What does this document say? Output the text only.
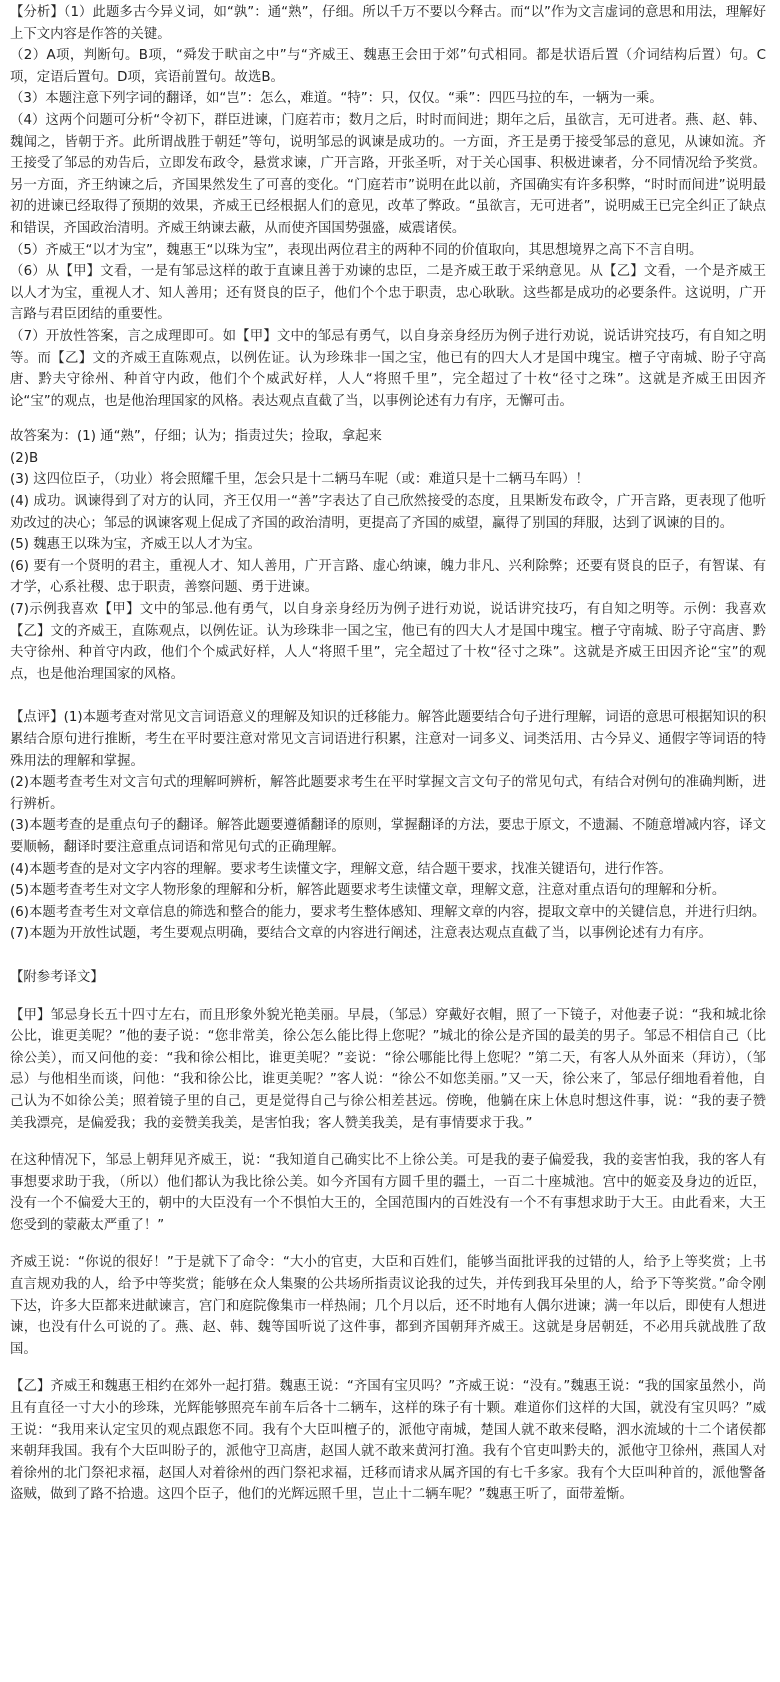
【分析】（1）此题多古今异义词，如“孰”：通“熟”，仔细。所以千万不要以今释古。而“以”作为文言虚词的意思和用法，理解好上下文内容是作答的关键。

（2）A项，判断句。B项，“舜发于畎亩之中”与“齐威王、魏惠王会田于郊”句式相同。都是状语后置（介词结构后置）句。C项，定语后置句。D项，宾语前置句。故选B。

（3）本题注意下列字词的翻译，如“岂”：怎么，难道。“特”：只，仅仅。“乘”：四匹马拉的车，一辆为一乘。

（4）这两个问题可分析“令初下，群臣进谏，门庭若市；数月之后，时时而间进；期年之后，虽欲言，无可进者。燕、赵、韩、魏闻之，皆朝于齐。此所谓战胜于朝廷”等句，说明邹忌的讽谏是成功的。一方面，齐王是勇于接受邹忌的意见，从谏如流。齐王接受了邹忌的劝告后，立即发布政令，悬赏求谏，广开言路，开张圣听，对于关心国事、积极进谏者，分不同情况给予奖赏。另一方面，齐王纳谏之后，齐国果然发生了可喜的变化。“门庭若市”说明在此以前，齐国确实有许多积弊，“时时而间进”说明最初的进谏已经取得了预期的效果，齐威王已经根据人们的意见，改革了弊政。“虽欲言，无可进者”，说明威王已完全纠正了缺点和错误，齐国政治清明。齐威王纳谏去蔽，从而使齐国国势强盛，威震诸侯。

（5）齐威王“以才为宝”，魏惠王“以珠为宝”，表现出两位君主的两种不同的价值取向，其思想境界之高下不言自明。

（6）从【甲】文看，一是有邹忌这样的敢于直谏且善于劝谏的忠臣，二是齐威王敢于采纳意见。从【乙】文看，一个是齐威王以人才为宝，重视人才、知人善用；还有贤良的臣子，他们个个忠于职责，忠心耿耿。这些都是成功的必要条件。这说明，广开言路与君臣团结的重要性。

（7）开放性答案，言之成理即可。如【甲】文中的邹忌有勇气，以自身亲身经历为例子进行劝说，说话讲究技巧，有自知之明等。而【乙】文的齐威王直陈观点，以例佐证。认为珍珠非一国之宝，他已有的四大人才是国中瑰宝。檀子守南城、盼子守高唐、黔夫守徐州、种首守内政，他们个个威武好样，人人“将照千里”，完全超过了十枚“径寸之珠”。这就是齐威王田因齐论“宝”的观点，也是他治理国家的风格。表达观点直截了当，以事例论述有力有序，无懈可击。

故答案为：(1) 通“熟”，仔细；认为；指责过失；捡取，拿起来

(2)B

(3) 这四位臣子，（功业）将会照耀千里，怎会只是十二辆马车呢（或：难道只是十二辆马车吗）！

(4) 成功。讽谏得到了对方的认同，齐王仅用一“善”字表达了自己欣然接受的态度，且果断发布政令，广开言路，更表现了他听劝改过的决心；邹忌的讽谏客观上促成了齐国的政治清明，更提高了齐国的威望，赢得了别国的拜服，达到了讽谏的目的。

(5) 魏惠王以珠为宝，齐威王以人才为宝。

(6) 要有一个贤明的君主，重视人才、知人善用，广开言路、虚心纳谏，魄力非凡、兴利除弊；还要有贤良的臣子，有智谋、有才学，心系社稷、忠于职责，善察问题、勇于进谏。

(7)示例我喜欢【甲】文中的邹忌.他有勇气，以自身亲身经历为例子进行劝说，说话讲究技巧，有自知之明等。示例：我喜欢【乙】文的齐威王，直陈观点，以例佐证。认为珍珠非一国之宝，他已有的四大人才是国中瑰宝。檀子守南城、盼子守高唐、黔夫守徐州、种首守内政，他们个个威武好样，人人“将照千里”，完全超过了十枚“径寸之珠”。这就是齐威王田因齐论“宝”的观点，也是他治理国家的风格。

【点评】(1)本题考查对常见文言词语意义的理解及知识的迁移能力。解答此题要结合句子进行理解，词语的意思可根据知识的积累结合原句进行推断，考生在平时要注意对常见文言词语进行积累，注意对一词多义、词类活用、古今异义、通假字等词语的特殊用法的理解和掌握。

(2)本题考查考生对文言句式的理解呵辨析，解答此题要求考生在平时掌握文言文句子的常见句式，有结合对例句的准确判断，进行辨析。

(3)本题考查的是重点句子的翻译。解答此题要遵循翻译的原则，掌握翻译的方法，要忠于原文，不遗漏、不随意增减内容，译文要顺畅，翻译时要注意重点词语和常见句式的正确理解。

(4)本题考查的是对文字内容的理解。要求考生读懂文字，理解文意，结合题干要求，找准关键语句，进行作答。

(5)本题考查考生对文字人物形象的理解和分析，解答此题要求考生读懂文章，理解文意，注意对重点语句的理解和分析。

(6)本题考查考生对文章信息的筛选和整合的能力，要求考生整体感知、理解文章的内容，提取文章中的关键信息，并进行归纳。

(7)本题为开放性试题，考生要观点明确，要结合文章的内容进行阐述，注意表达观点直截了当，以事例论述有力有序。

【附参考译文】

【甲】邹忌身长五十四寸左右，而且形象外貌光艳美丽。早晨，（邹忌）穿戴好衣帽，照了一下镜子，对他妻子说：“我和城北徐公比，谁更美呢？”他的妻子说：“您非常美，徐公怎么能比得上您呢？”城北的徐公是齐国的最美的男子。邹忌不相信自己（比徐公美），而又问他的妾：“我和徐公相比，谁更美呢？”妾说：“徐公哪能比得上您呢？”第二天，有客人从外面来（拜访），（邹忌）与他相坐而谈，问他：“我和徐公比，谁更美呢？”客人说：“徐公不如您美丽。”又一天，徐公来了，邹忌仔细地看着他，自己认为不如徐公美；照着镜子里的自己，更是觉得自己与徐公相差甚远。傍晚，他躺在床上休息时想这件事，说：“我的妻子赞美我漂亮，是偏爱我；我的妾赞美我美，是害怕我；客人赞美我美，是有事情要求于我。”

在这种情况下，邹忌上朝拜见齐威王，说：“我知道自己确实比不上徐公美。可是我的妻子偏爱我，我的妾害怕我，我的客人有事想要求助于我，（所以）他们都认为我比徐公美。如今齐国有方圆千里的疆土，一百二十座城池。宫中的姬妾及身边的近臣，没有一个不偏爱大王的，朝中的大臣没有一个不惧怕大王的，全国范围内的百姓没有一个不有事想求助于大王。由此看来，大王您受到的蒙蔽太严重了！”

齐威王说：“你说的很好！”于是就下了命令：“大小的官吏，大臣和百姓们，能够当面批评我的过错的人，给予上等奖赏；上书直言规劝我的人，给予中等奖赏；能够在众人集聚的公共场所指责议论我的过失，并传到我耳朵里的人，给予下等奖赏。”命令刚下达，许多大臣都来进献谏言，宫门和庭院像集市一样热闹；几个月以后，还不时地有人偶尔进谏；满一年以后，即使有人想进谏，也没有什么可说的了。燕、赵、韩、魏等国听说了这件事，都到齐国朝拜齐威王。这就是身居朝廷，不必用兵就战胜了敌国。

【乙】齐威王和魏惠王相约在郊外一起打猎。魏惠王说：“齐国有宝贝吗？”齐威王说：“没有。”魏惠王说：“我的国家虽然小，尚且有直径一寸大小的珍珠，光辉能够照亮车前车后各十二辆车，这样的珠子有十颗。难道你们这样的大国，就没有宝贝吗？”威王说：“我用来认定宝贝的观点跟您不同。我有个大臣叫檀子的，派他守南城，楚国人就不敢来侵略，泗水流域的十二个诸侯都来朝拜我国。我有个大臣叫盼子的，派他守卫高唐，赵国人就不敢来黄河打渔。我有个官吏叫黔夫的，派他守卫徐州，燕国人对着徐州的北门祭祀求福，赵国人对着徐州的西门祭祀求福，迁移而请求从属齐国的有七千多家。我有个大臣叫种首的，派他警备盗贼，做到了路不拾遗。这四个臣子，他们的光辉远照千里，岂止十二辆车呢？”魏惠王听了，面带羞惭。
